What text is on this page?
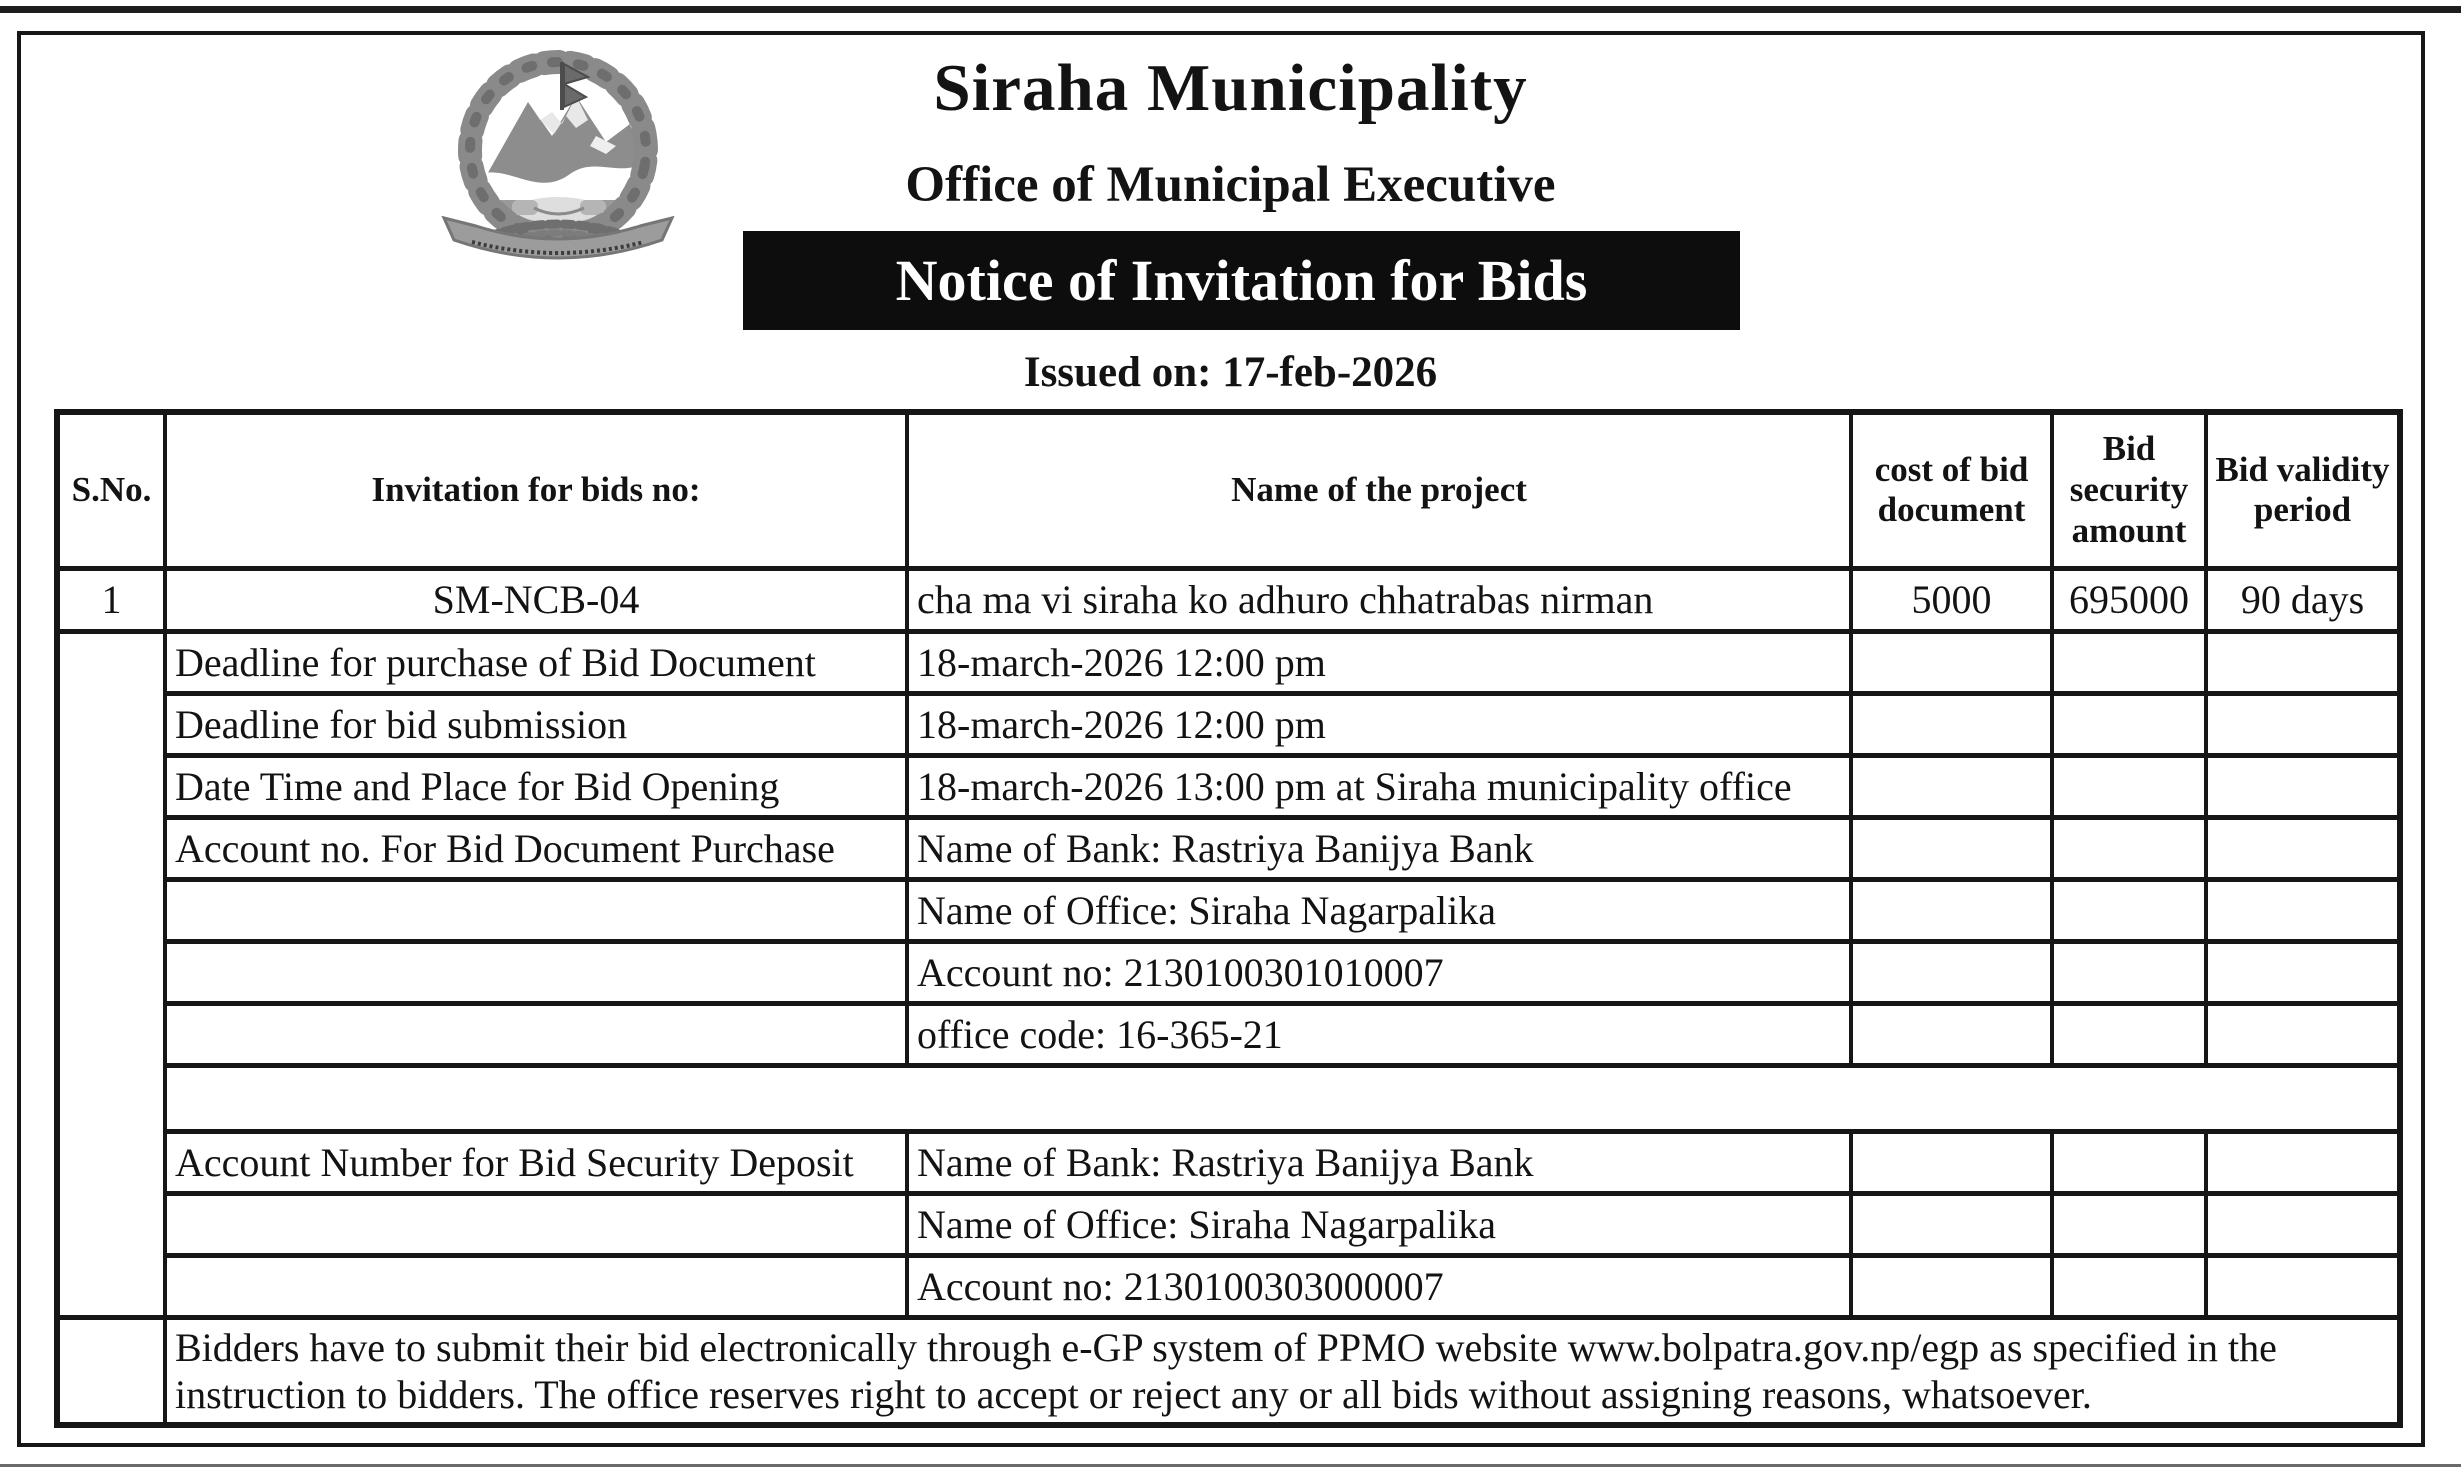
Siraha Municipality
Office of Municipal Executive
Notice of Invitation for Bids
Issued on: 17-feb-2026
S.No.	Invitation for bids no:	Name of the project	cost of bid document	Bid security amount	Bid validity period
1	SM-NCB-04	cha ma vi siraha ko adhuro chhatrabas nirman	5000	695000	90 days
	Deadline for purchase of Bid Document	18-march-2026 12:00 pm			
	Deadline for bid submission	18-march-2026 12:00 pm			
	Date Time and Place for Bid Opening	18-march-2026 13:00 pm at Siraha municipality office			
	Account no. For Bid Document Purchase	Name of Bank: Rastriya Banijya Bank			
		Name of Office: Siraha Nagarpalika			
		Account no: 2130100301010007			
		office code: 16-365-21			

	Account Number for Bid Security Deposit	Name of Bank: Rastriya Banijya Bank			
		Name of Office: Siraha Nagarpalika			
		Account no: 2130100303000007			
	Bidders have to submit their bid electronically through e-GP system of PPMO website www.bolpatra.gov.np/egp as specified in the instruction to bidders. The office reserves right to accept or reject any or all bids without assigning reasons, whatsoever.				
